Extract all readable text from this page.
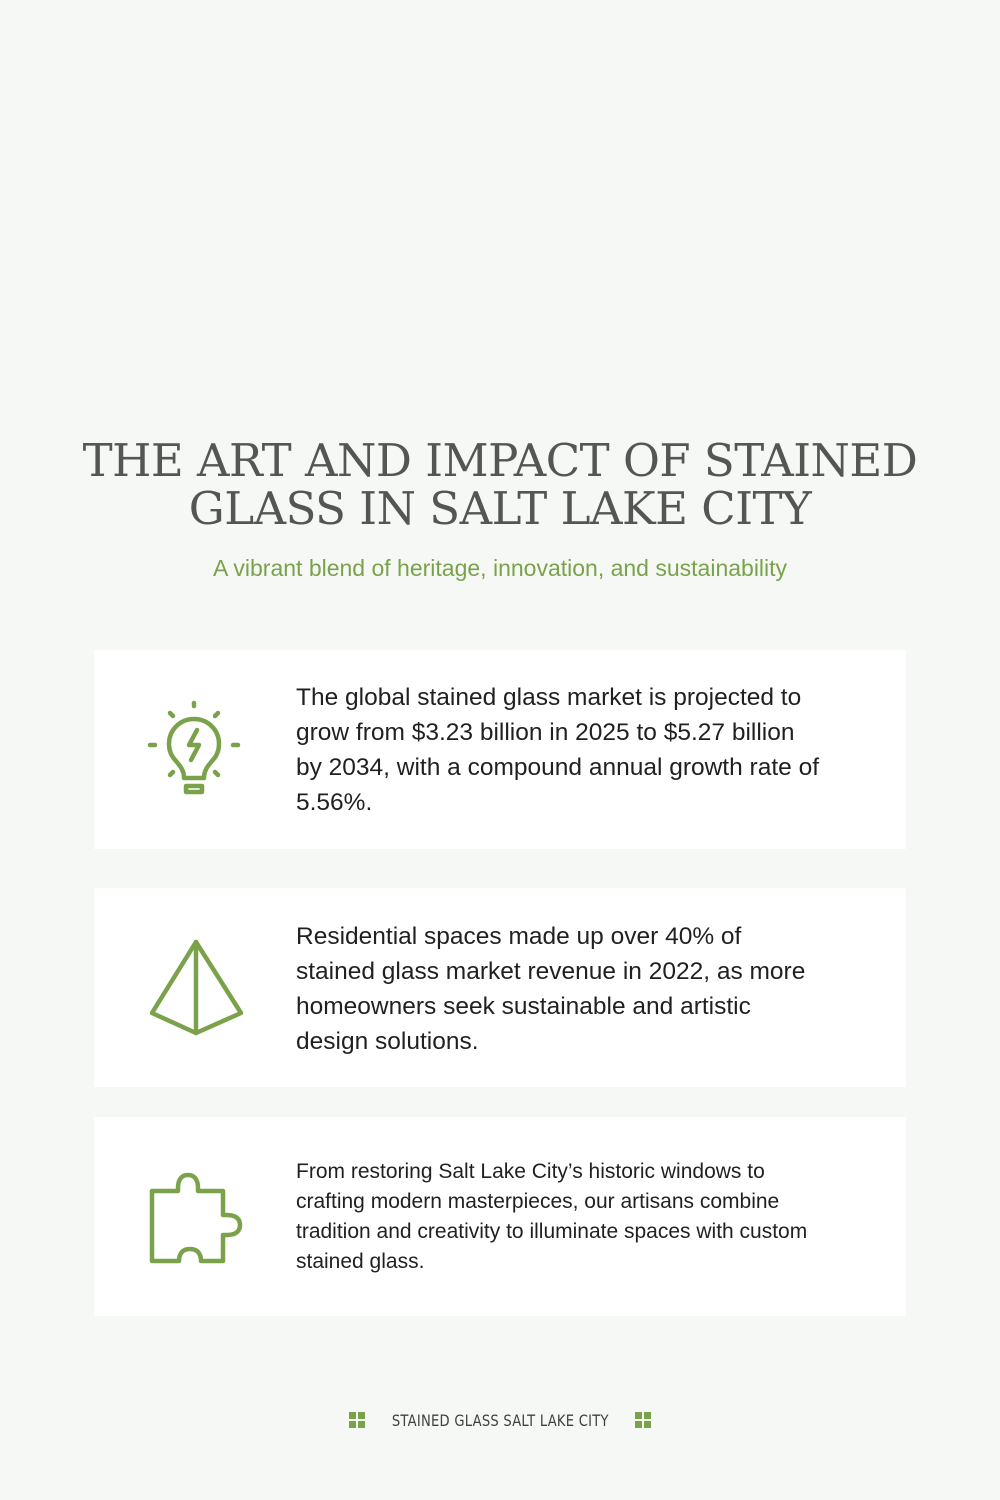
THE ART AND IMPACT OF STAINED
GLASS IN SALT LAKE CITY

A vibrant blend of heritage, innovation, and sustainability

The global stained glass market is projected to grow from $3.23 billion in 2025 to $5.27 billion by 2034, with a compound annual growth rate of 5.56%.

Residential spaces made up over 40% of stained glass market revenue in 2022, as more homeowners seek sustainable and artistic design solutions.

From restoring Salt Lake City’s historic windows to crafting modern masterpieces, our artisans combine tradition and creativity to illuminate spaces with custom stained glass.

STAINED GLASS SALT LAKE CITY
